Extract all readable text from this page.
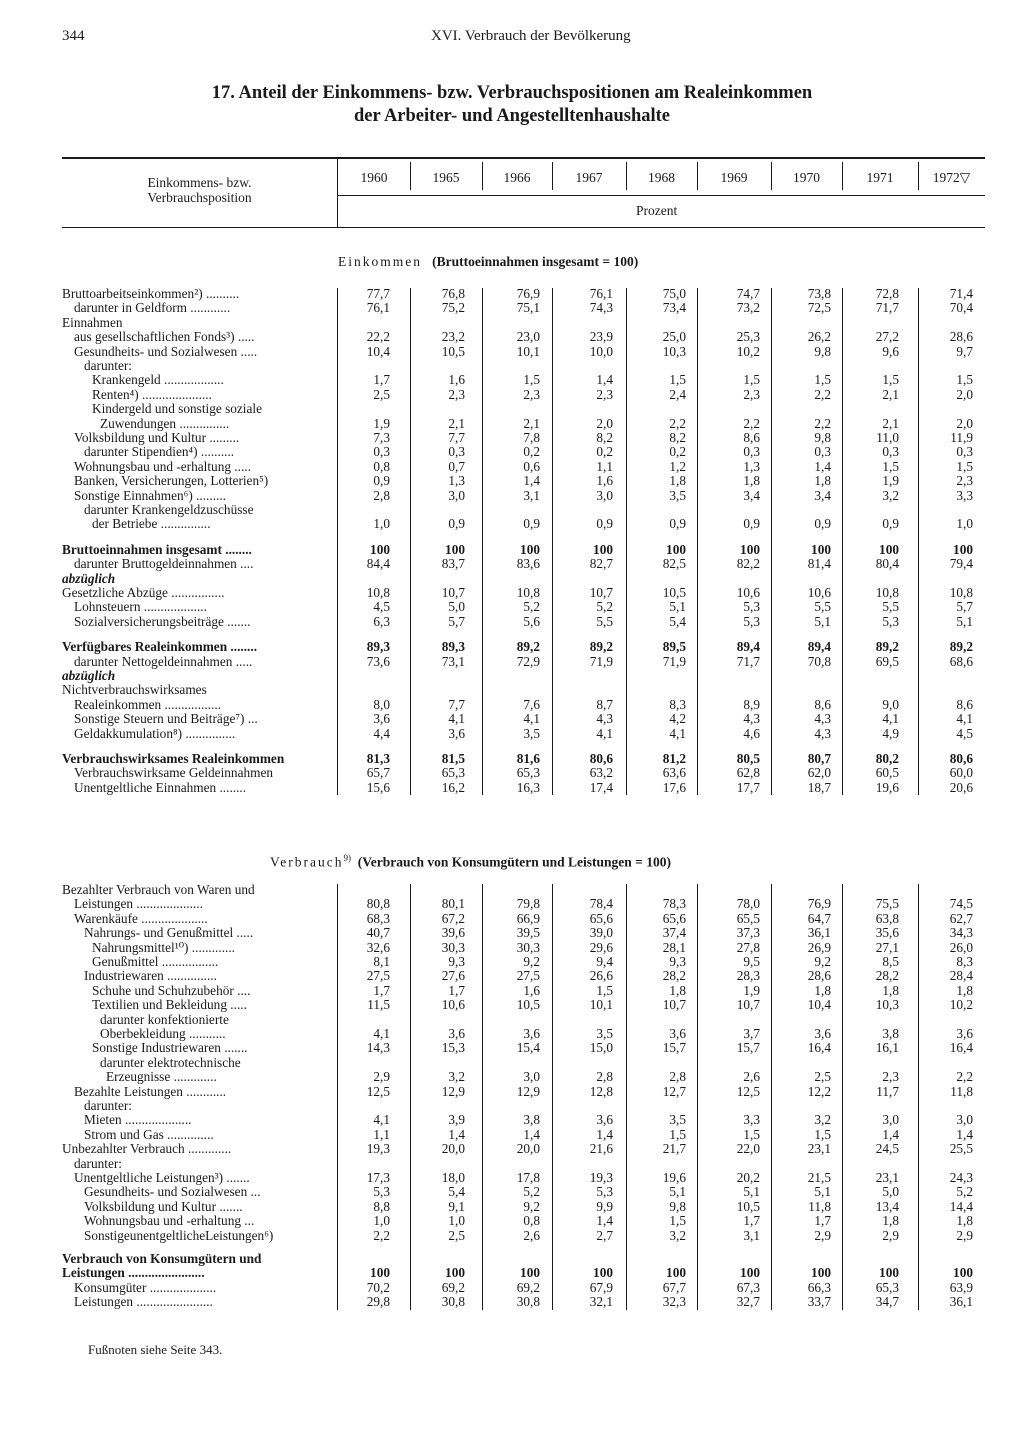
344	XVI. Verbrauch der Bevölkerung
17. Anteil der Einkommens- bzw. Verbrauchspositionen am Realeinkommen
der Arbeiter- und Angestelltenhaushalte
Einkommens- bzw.
Verbrauchsposition
1960	1965	1966	1967	1968	1969	1970	1971	1972▽
Prozent
Einkommen (Bruttoeinnahmen insgesamt = 100)
Verbrauch$^{9)}$ (Verbrauch von Konsumgütern und Leistungen = 100)
Bruttoarbeitseinkommen²) ..........	77,7	76,8	76,9	76,1	75,0	74,7	73,8	72,8	71,4
darunter in Geldform ............	76,1	75,2	75,1	74,3	73,4	73,2	72,5	71,7	70,4
Einnahmen
aus gesellschaftlichen Fonds³) .....	22,2	23,2	23,0	23,9	25,0	25,3	26,2	27,2	28,6
Gesundheits- und Sozialwesen .....	10,4	10,5	10,1	10,0	10,3	10,2	9,8	9,6	9,7
darunter:
Krankengeld ..................	1,7	1,6	1,5	1,4	1,5	1,5	1,5	1,5	1,5
Renten⁴) .....................	2,5	2,3	2,3	2,3	2,4	2,3	2,2	2,1	2,0
Kindergeld und sonstige soziale
Zuwendungen ...............	1,9	2,1	2,1	2,0	2,2	2,2	2,2	2,1	2,0
Volksbildung und Kultur .........	7,3	7,7	7,8	8,2	8,2	8,6	9,8	11,0	11,9
darunter Stipendien⁴) ..........	0,3	0,3	0,2	0,2	0,2	0,3	0,3	0,3	0,3
Wohnungsbau und -erhaltung .....	0,8	0,7	0,6	1,1	1,2	1,3	1,4	1,5	1,5
Banken, Versicherungen, Lotterien⁵)	0,9	1,3	1,4	1,6	1,8	1,8	1,8	1,9	2,3
Sonstige Einnahmen⁶) .........	2,8	3,0	3,1	3,0	3,5	3,4	3,4	3,2	3,3
darunter Krankengeldzuschüsse
der Betriebe ...............	1,0	0,9	0,9	0,9	0,9	0,9	0,9	0,9	1,0
Bruttoeinnahmen insgesamt ........	100	100	100	100	100	100	100	100	100
darunter Bruttogeldeinnahmen ....	84,4	83,7	83,6	82,7	82,5	82,2	81,4	80,4	79,4
abzüglich
Gesetzliche Abzüge ................	10,8	10,7	10,8	10,7	10,5	10,6	10,6	10,8	10,8
Lohnsteuern ...................	4,5	5,0	5,2	5,2	5,1	5,3	5,5	5,5	5,7
Sozialversicherungsbeiträge .......	6,3	5,7	5,6	5,5	5,4	5,3	5,1	5,3	5,1
Verfügbares Realeinkommen ........	89,3	89,3	89,2	89,2	89,5	89,4	89,4	89,2	89,2
darunter Nettogeldeinnahmen .....	73,6	73,1	72,9	71,9	71,9	71,7	70,8	69,5	68,6
abzüglich
Nichtverbrauchswirksames
Realeinkommen .................	8,0	7,7	7,6	8,7	8,3	8,9	8,6	9,0	8,6
Sonstige Steuern und Beiträge⁷) ...	3,6	4,1	4,1	4,3	4,2	4,3	4,3	4,1	4,1
Geldakkumulation⁸) ...............	4,4	3,6	3,5	4,1	4,1	4,6	4,3	4,9	4,5
Verbrauchswirksames Realeinkommen	81,3	81,5	81,6	80,6	81,2	80,5	80,7	80,2	80,6
Verbrauchswirksame Geldeinnahmen	65,7	65,3	65,3	63,2	63,6	62,8	62,0	60,5	60,0
Unentgeltliche Einnahmen ........	15,6	16,2	16,3	17,4	17,6	17,7	18,7	19,6	20,6
Bezahlter Verbrauch von Waren und
Leistungen ....................	80,8	80,1	79,8	78,4	78,3	78,0	76,9	75,5	74,5
Warenkäufe ....................	68,3	67,2	66,9	65,6	65,6	65,5	64,7	63,8	62,7
Nahrungs- und Genußmittel .....	40,7	39,6	39,5	39,0	37,4	37,3	36,1	35,6	34,3
Nahrungsmittel¹⁰) .............	32,6	30,3	30,3	29,6	28,1	27,8	26,9	27,1	26,0
Genußmittel .................	8,1	9,3	9,2	9,4	9,3	9,5	9,2	8,5	8,3
Industriewaren ...............	27,5	27,6	27,5	26,6	28,2	28,3	28,6	28,2	28,4
Schuhe und Schuhzubehör ....	1,7	1,7	1,6	1,5	1,8	1,9	1,8	1,8	1,8
Textilien und Bekleidung .....	11,5	10,6	10,5	10,1	10,7	10,7	10,4	10,3	10,2
darunter konfektionierte
Oberbekleidung ...........	4,1	3,6	3,6	3,5	3,6	3,7	3,6	3,8	3,6
Sonstige Industriewaren .......	14,3	15,3	15,4	15,0	15,7	15,7	16,4	16,1	16,4
darunter elektrotechnische
Erzeugnisse .............	2,9	3,2	3,0	2,8	2,8	2,6	2,5	2,3	2,2
Bezahlte Leistungen ............	12,5	12,9	12,9	12,8	12,7	12,5	12,2	11,7	11,8
darunter:
Mieten ....................	4,1	3,9	3,8	3,6	3,5	3,3	3,2	3,0	3,0
Strom und Gas ..............	1,1	1,4	1,4	1,4	1,5	1,5	1,5	1,4	1,4
Unbezahlter Verbrauch .............	19,3	20,0	20,0	21,6	21,7	22,0	23,1	24,5	25,5
darunter:
Unentgeltliche Leistungen³) .......	17,3	18,0	17,8	19,3	19,6	20,2	21,5	23,1	24,3
Gesundheits- und Sozialwesen ...	5,3	5,4	5,2	5,3	5,1	5,1	5,1	5,0	5,2
Volksbildung und Kultur .......	8,8	9,1	9,2	9,9	9,8	10,5	11,8	13,4	14,4
Wohnungsbau und -erhaltung ...	1,0	1,0	0,8	1,4	1,5	1,7	1,7	1,8	1,8
SonstigeunentgeltlicheLeistungen⁶)	2,2	2,5	2,6	2,7	3,2	3,1	2,9	2,9	2,9
Verbrauch von Konsumgütern und
Leistungen .......................	100	100	100	100	100	100	100	100	100
Konsumgüter ....................	70,2	69,2	69,2	67,9	67,7	67,3	66,3	65,3	63,9
Leistungen .......................	29,8	30,8	30,8	32,1	32,3	32,7	33,7	34,7	36,1
Fußnoten siehe Seite 343.
